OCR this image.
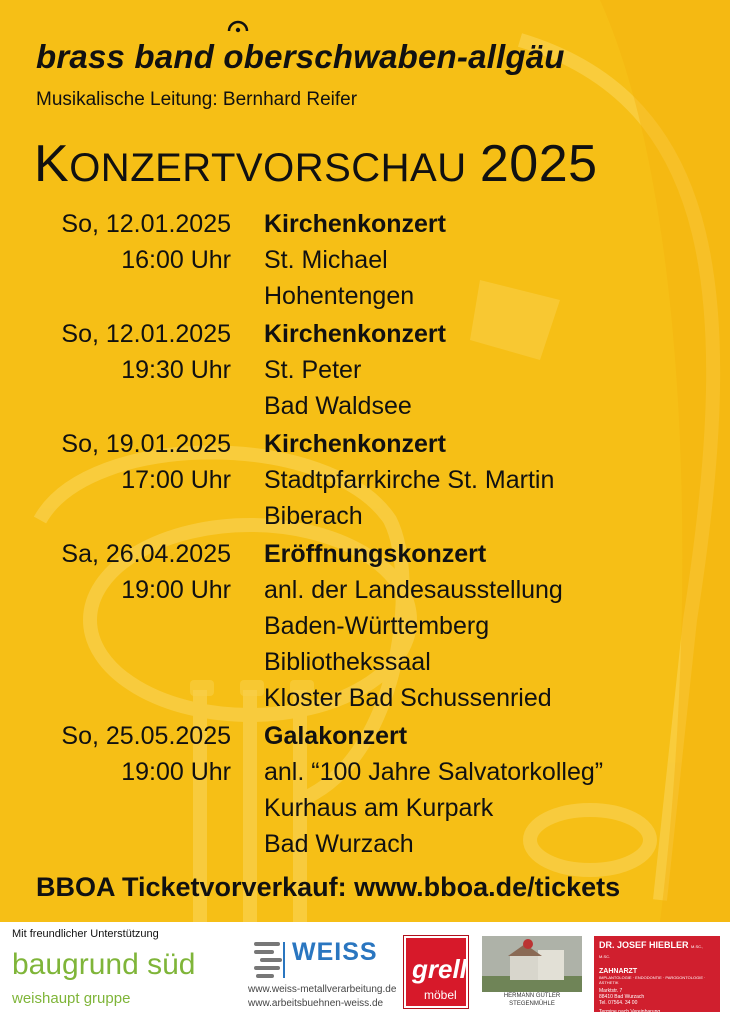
brass band oberschwaben-allgäu
Musikalische Leitung: Bernhard Reifer
KONZERTVORSCHAU 2025
So, 12.01.2025 Kirchenkonzert
16:00 Uhr St. Michael
Hohentengen
So, 12.01.2025 Kirchenkonzert
19:30 Uhr St. Peter
Bad Waldsee
So, 19.01.2025 Kirchenkonzert
17:00 Uhr Stadtpfarrkirche St. Martin
Biberach
Sa, 26.04.2025 Eröffnungskonzert
19:00 Uhr anl. der Landesausstellung
Baden-Württemberg
Bibliothekssaal
Kloster Bad Schussenried
So, 25.05.2025 Galakonzert
19:00 Uhr anl. “100 Jahre Salvatorkolleg”
Kurhaus am Kurpark
Bad Wurzach
BBOA Ticketvorverkauf: www.bboa.de/tickets
Mit freundlicher Unterstützung
baugrund süd
weishaupt gruppe
WEISS
www.weiss-metallverarbeitung.de
www.arbeitsbuehnen-weiss.de
grell
möbel	HERMANN GÜTLER
STEGENMÜHLE
DR. JOSEF HIEBLER M.SC., M.SC.
ZAHNARZT
IMPLANTOLOGIE · ENDODONTIE · PARODONTOLOGIE · ÄSTHETIK
Marktstr. 7
88410 Bad Wurzach
Tel. 07564. 34 00
Termine nach Vereinbarung
